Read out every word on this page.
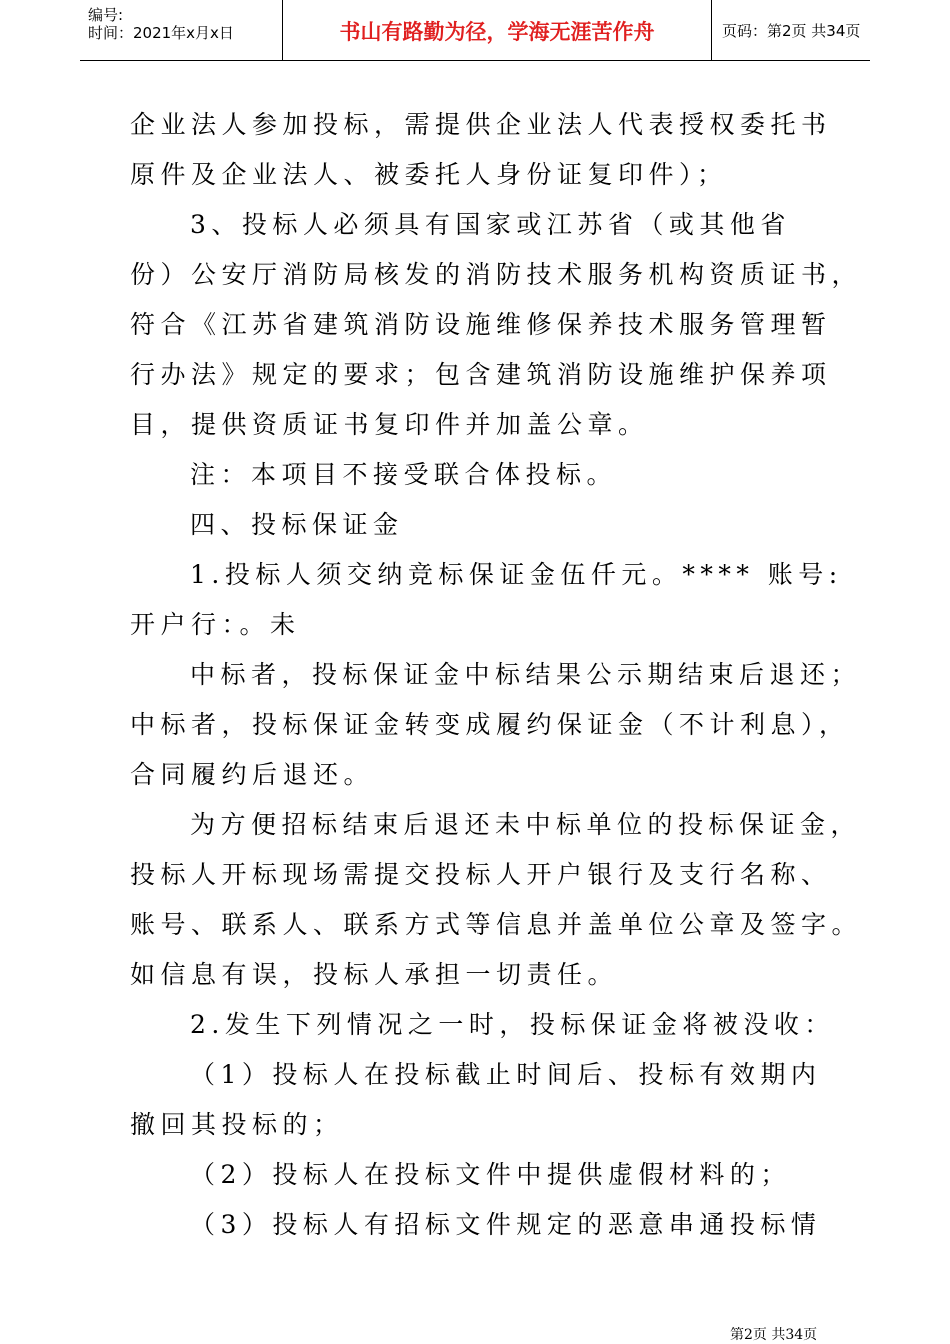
编号:
时间：2021年x月x日	书山有路勤为径，学海无涯苦作舟	页码：第2页 共34页
企业法人参加投标，需提供企业法人代表授权委托书
原件及企业法人、被委托人身份证复印件）；
3、投标人必须具有国家或江苏省（或其他省
份）公安厅消防局核发的消防技术服务机构资质证书，
符合《江苏省建筑消防设施维修保养技术服务管理暂
行办法》规定的要求；包含建筑消防设施维护保养项
目，提供资质证书复印件并加盖公章。
注：本项目不接受联合体投标。
四、投标保证金
1.投标人须交纳竞标保证金伍仟元。**** 账号:
开户行：。未
中标者，投标保证金中标结果公示期结束后退还；
中标者，投标保证金转变成履约保证金（不计利息），
合同履约后退还。
为方便招标结束后退还未中标单位的投标保证金，
投标人开标现场需提交投标人开户银行及支行名称、
账号、联系人、联系方式等信息并盖单位公章及签字。
如信息有误，投标人承担一切责任。
2.发生下列情况之一时，投标保证金将被没收：
（1）投标人在投标截止时间后、投标有效期内
撤回其投标的；
（2）投标人在投标文件中提供虚假材料的；
（3）投标人有招标文件规定的恶意串通投标情
第2页 共34页
